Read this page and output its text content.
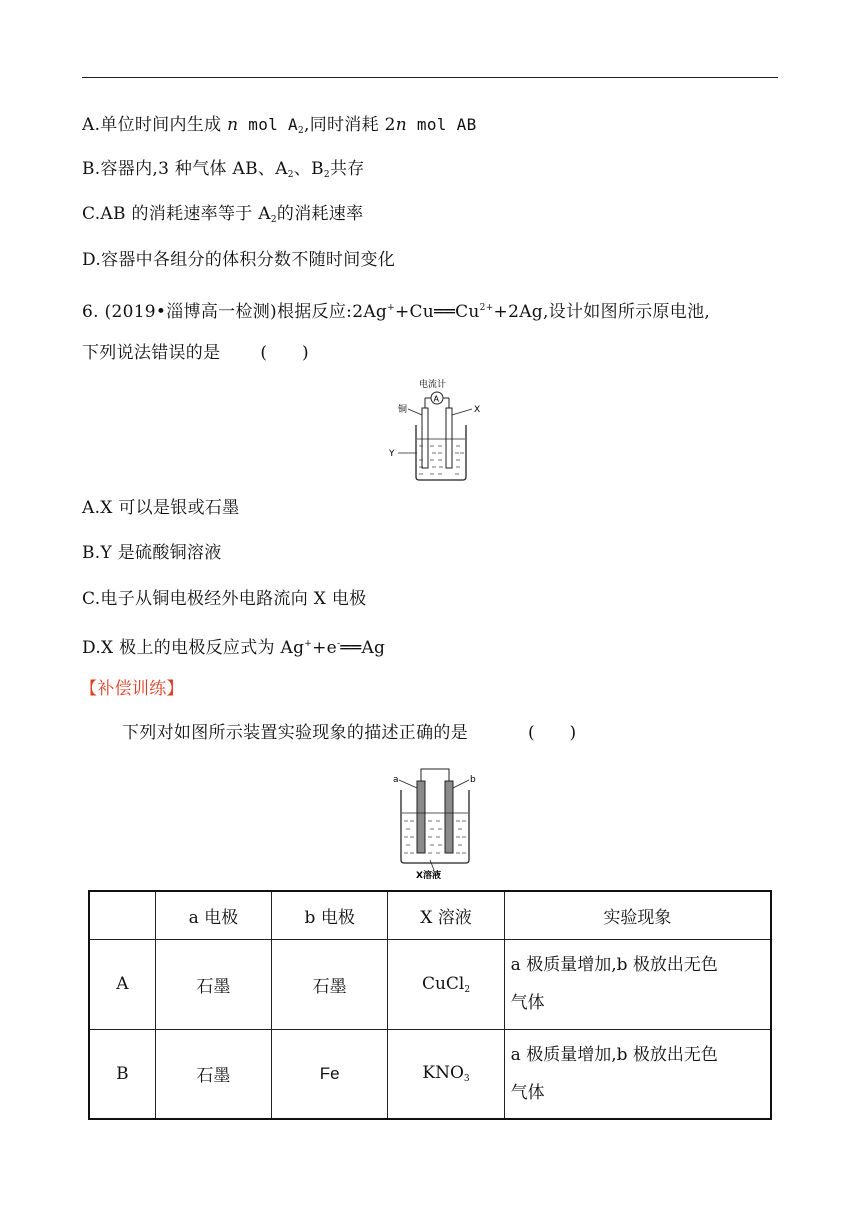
A.单位时间内生成 n mol $A_2$,同时消耗 2n mol AB
B.容器内,3 种气体 AB、$A_2$、$B_2$共存
C.AB 的消耗速率等于 $A_2$的消耗速率
D.容器中各组分的体积分数不随时间变化
6. (2019•淄博高一检测)根据反应$:2Ag^++Cu══Cu^{2+}+2Ag$,设计如图所示原电池,
下列说法错误的是 (　　)
电流计
A
铜	X
Y
A.X 可以是银或石墨
B.Y 是硫酸铜溶液
C.电子从铜电极经外电路流向 X 电极
D.X 极上的电极反应式为 Ag++e-══Ag
【补偿训练】
下列对如图所示装置实验现象的描述正确的是	(　　)
a	b
X溶液
	a 电极	b 电极	X 溶液	实验现象
A	石墨	石墨	CuCl$_2$	a 极质量增加,b 极放出无色
气体
B	石墨	Fe	$KNO_3$	a 极质量增加,b 极放出无色
气体
